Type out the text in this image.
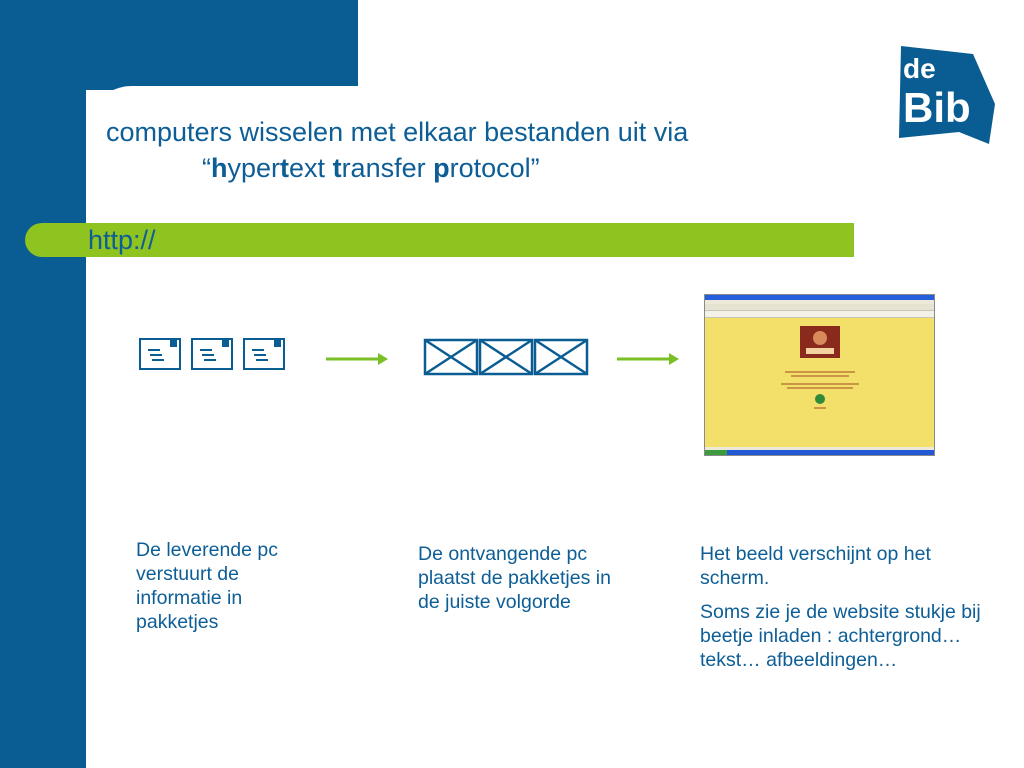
computers wisselen met elkaar bestanden uit via
“hypertext transfer protocol”
de
Bib
http://

De leverende pc verstuurt de informatie in pakketjes

De ontvangende pc plaatst de pakketjes in de juiste volgorde

Het beeld verschijnt op het scherm.

Soms zie je de website stukje bij beetje inladen : achtergrond… tekst… afbeeldingen…
